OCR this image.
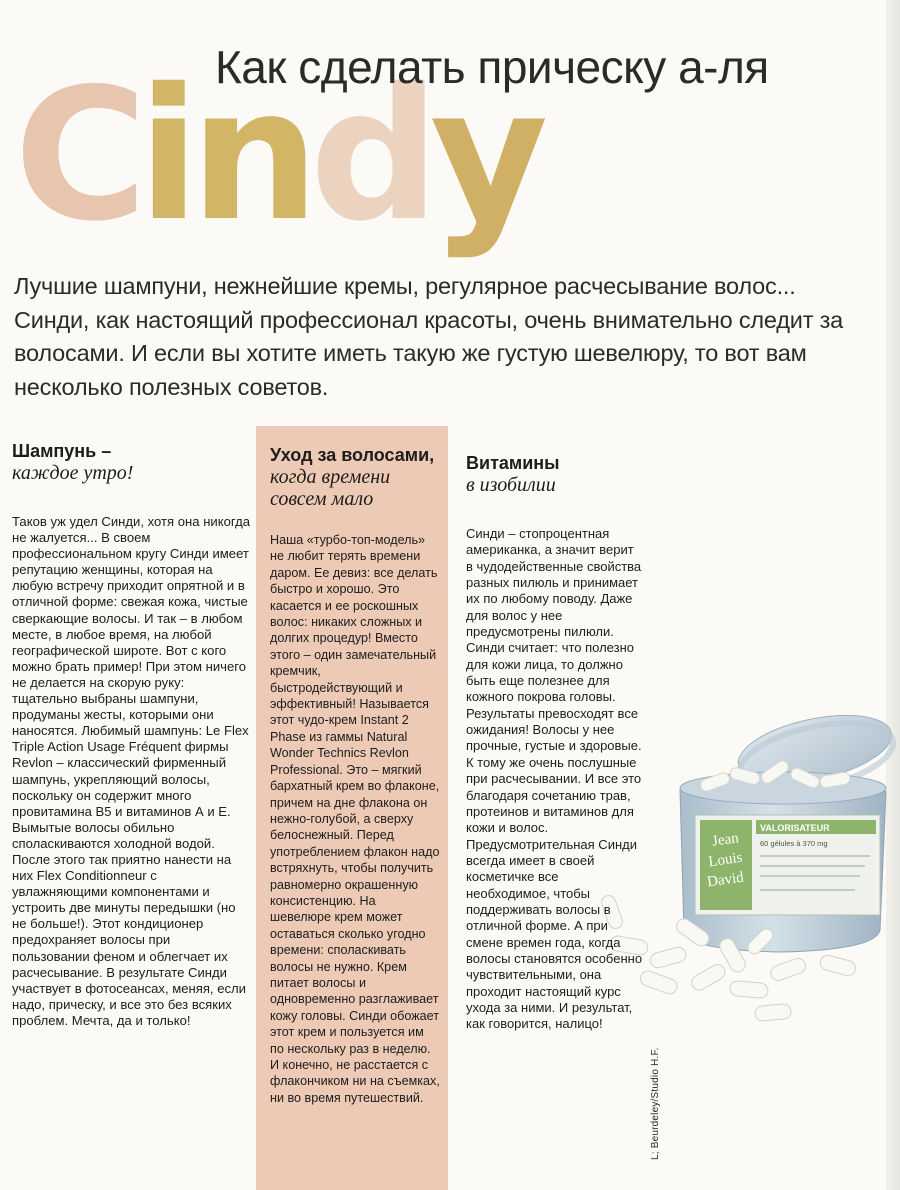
Cindy
Как сделать прическу а-ля
Лучшие шампуни, нежнейшие кремы, регулярное расчесывание волос... Синди, как настоящий профессионал красоты, очень внимательно следит за волосами. И если вы хотите иметь такую же густую шевелюру, то вот вам несколько полезных советов.
Шампунь –
каждое утро!
Таков уж удел Синди, хотя она никогда не жалуется... В своем профессиональном кругу Синди имеет репутацию женщины, которая на любую встречу приходит опрятной и в отличной форме: свежая кожа, чистые сверкающие волосы. И так – в любом месте, в любое время, на любой географической широте. Вот с кого можно брать пример! При этом ничего не делается на скорую руку: тщательно выбраны шампуни, продуманы жесты, которыми они наносятся. Любимый шампунь: Le Flex Triple Action Usage Fréquent фирмы Revlon – классический фирменный шампунь, укрепляющий волосы, поскольку он содержит много провитамина B5 и витаминов А и Е. Вымытые волосы обильно споласкиваются холодной водой. После этого так приятно нанести на них Flex Conditionneur с увлажняющими компонентами и устроить две минуты передышки (но не больше!). Этот кондиционер предохраняет волосы при пользовании феном и облегчает их расчесывание. В результате Синди участвует в фотосеансах, меняя, если надо, прическу, и все это без всяких проблем. Мечта, да и только!
Уход за волосами,
когда времени совсем мало
Наша «турбо-топ-модель» не любит терять времени даром. Ее девиз: все делать быстро и хорошо. Это касается и ее роскошных волос: никаких сложных и долгих процедур! Вместо этого – один замечательный кремчик, быстродействующий и эффективный! Называется этот чудо-крем Instant 2 Phase из гаммы Natural Wonder Technics Revlon Professional. Это – мягкий бархатный крем во флаконе, причем на дне флакона он нежно-голубой, а сверху белоснежный. Перед употреблением флакон надо встряхнуть, чтобы получить равномерно окрашенную консистенцию. На шевелюре крем может оставаться сколько угодно времени: споласкивать волосы не нужно. Крем питает волосы и одновременно разглаживает кожу головы. Синди обожает этот крем и пользуется им по нескольку раз в неделю. И конечно, не расстается с флакончиком ни на съемках, ни во время путешествий.
Витамины
в изобилии
Синди – стопроцентная американка, а значит верит в чудодейственные свойства разных пилюль и принимает их по любому поводу. Даже для волос у нее предусмотрены пилюли. Синди считает: что полезно для кожи лица, то должно быть еще полезнее для кожного покрова головы. Результаты превосходят все ожидания! Волосы у нее прочные, густые и здоровые. К тому же очень послушные при расчесывании. И все это благодаря сочетанию трав, протеинов и витаминов для кожи и волос. Предусмотрительная Синди всегда имеет в своей косметичке все необходимое, чтобы поддерживать волосы в отличной форме. А при смене времен года, когда волосы становятся особенно чувствительными, она проходит настоящий курс ухода за ними. И результат, как говорится, налицо!
Jean
Louis
David
VALORISATEUR
60 gélules à 370 mg
L; Beurdeley/Studio H.F.
